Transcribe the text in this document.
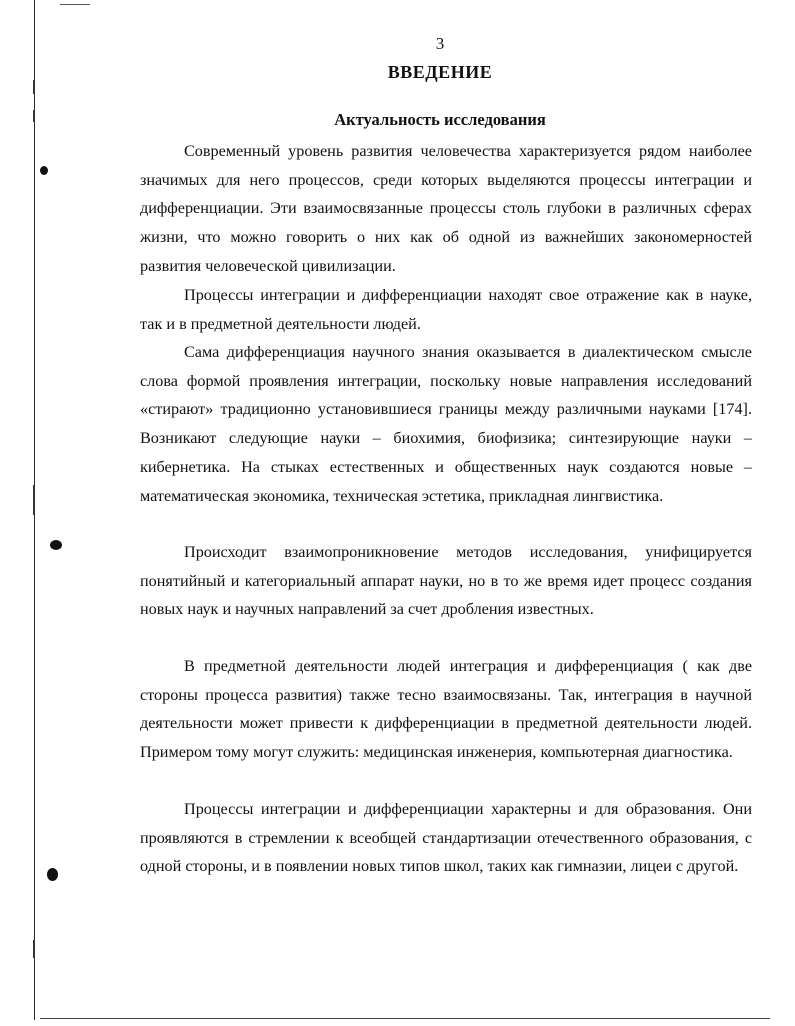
3
ВВЕДЕНИЕ
Актуальность исследования

Современный уровень развития человечества характеризуется рядом наиболее значимых для него процессов, среди которых выделяются процессы интеграции и дифференциации. Эти взаимосвязанные процессы столь глубоки в различных сферах жизни, что можно говорить о них как об одной из важнейших закономерностей развития человеческой цивилизации.

Процессы интеграции и дифференциации находят свое отражение как в науке, так и в предметной деятельности людей.

Сама дифференциация научного знания оказывается в диалектическом смысле слова формой проявления интеграции, поскольку новые направления исследований «стирают» традиционно установившиеся границы между различными науками [174]. Возникают следующие науки – биохимия, биофизика; синтезирующие науки – кибернетика. На стыках естественных и общественных наук создаются новые – математическая экономика, техническая эстетика, прикладная лингвистика.

Происходит взаимопроникновение методов исследования, унифицируется понятийный и категориальный аппарат науки, но в то же время идет процесс создания новых наук и научных направлений за счет дробления известных.

В предметной деятельности людей интеграция и дифференциация ( как две стороны процесса развития) также тесно взаимосвязаны. Так, интеграция в научной деятельности может привести к дифференциации в предметной деятельности людей. Примером тому могут служить: медицинская инженерия, компьютерная диагностика.

Процессы интеграции и дифференциации характерны и для образования. Они проявляются в стремлении к всеобщей стандартизации отечественного образования, с одной стороны, и в появлении новых типов школ, таких как гимназии, лицеи с другой.
